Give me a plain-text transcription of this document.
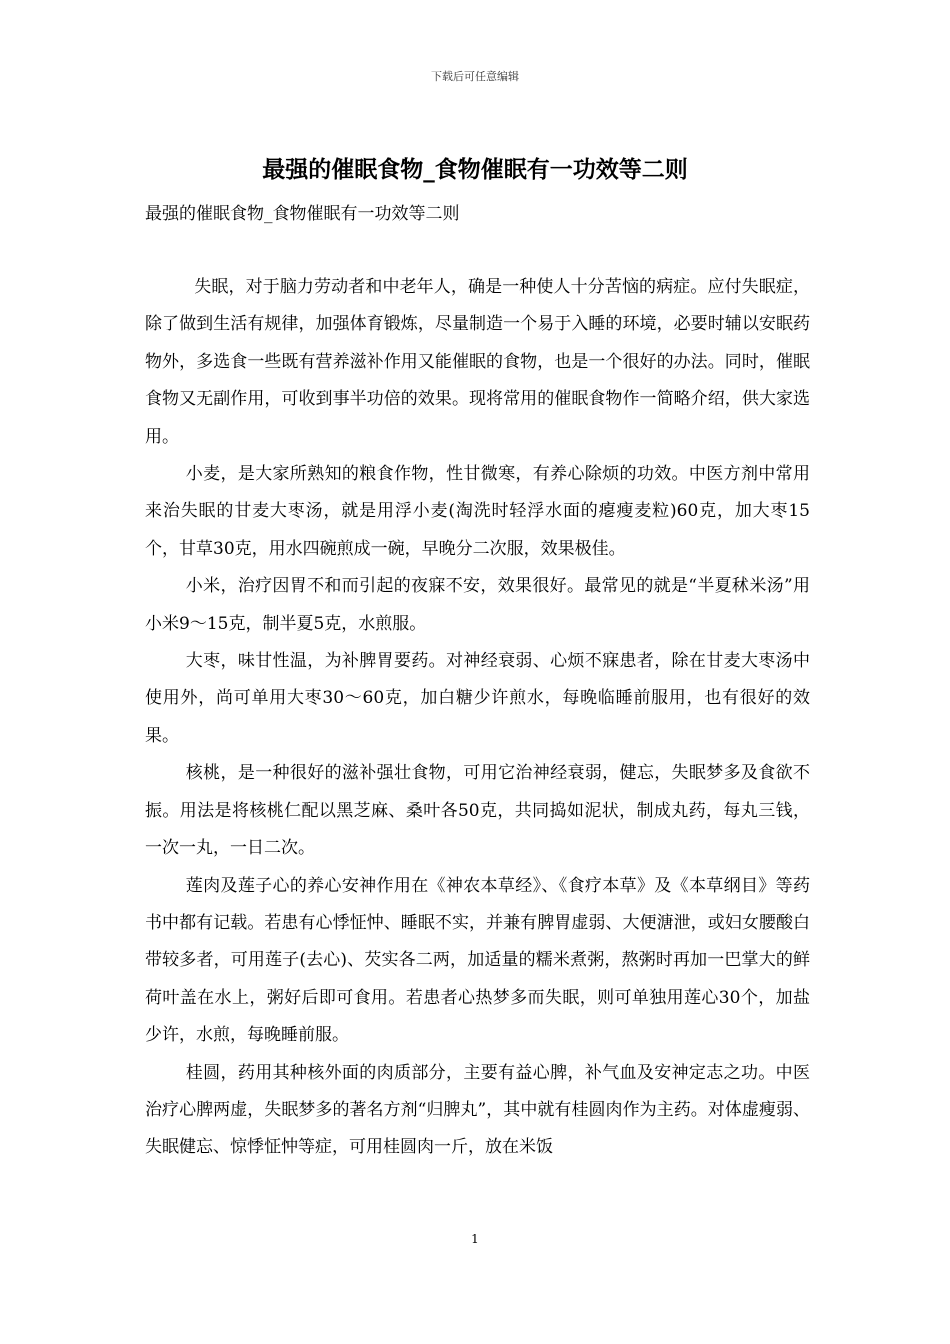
下载后可任意编辑
最强的催眠食物_食物催眠有一功效等二则

最强的催眠食物_食物催眠有一功效等二则

失眠，对于脑力劳动者和中老年人，确是一种使人十分苦恼的病症。应付失眠症，除了做到生活有规律，加强体育锻炼，尽量制造一个易于入睡的环境，必要时辅以安眠药物外，多选食一些既有营养滋补作用又能催眠的食物，也是一个很好的办法。同时，催眠食物又无副作用，可收到事半功倍的效果。现将常用的催眠食物作一简略介绍，供大家选用。

小麦，是大家所熟知的粮食作物，性甘微寒，有养心除烦的功效。中医方剂中常用来治失眠的甘麦大枣汤，就是用浮小麦(淘洗时轻浮水面的瘪瘦麦粒)60克，加大枣15个，甘草30克，用水四碗煎成一碗，早晚分二次服，效果极佳。

小米，治疗因胃不和而引起的夜寐不安，效果很好。最常见的就是“半夏秫米汤”用小米9～15克，制半夏5克，水煎服。

大枣，味甘性温，为补脾胃要药。对神经衰弱、心烦不寐患者，除在甘麦大枣汤中使用外，尚可单用大枣30～60克，加白糖少许煎水，每晚临睡前服用，也有很好的效果。

核桃，是一种很好的滋补强壮食物，可用它治神经衰弱，健忘，失眠梦多及食欲不振。用法是将核桃仁配以黑芝麻、桑叶各50克，共同捣如泥状，制成丸药，每丸三钱，一次一丸，一日二次。

莲肉及莲子心的养心安神作用在《神农本草经》、《食疗本草》及《本草纲目》等药书中都有记载。若患有心悸怔忡、睡眠不实，并兼有脾胃虚弱、大便溏泄，或妇女腰酸白带较多者，可用莲子(去心)、芡实各二两，加适量的糯米煮粥，熬粥时再加一巴掌大的鲜荷叶盖在水上，粥好后即可食用。若患者心热梦多而失眠，则可单独用莲心30个，加盐少许，水煎，每晚睡前服。

桂圆，药用其种核外面的肉质部分，主要有益心脾，补气血及安神定志之功。中医治疗心脾两虚，失眠梦多的著名方剂“归脾丸”，其中就有桂圆肉作为主药。对体虚瘦弱、失眠健忘、惊悸怔忡等症，可用桂圆肉一斤，放在米饭

1
